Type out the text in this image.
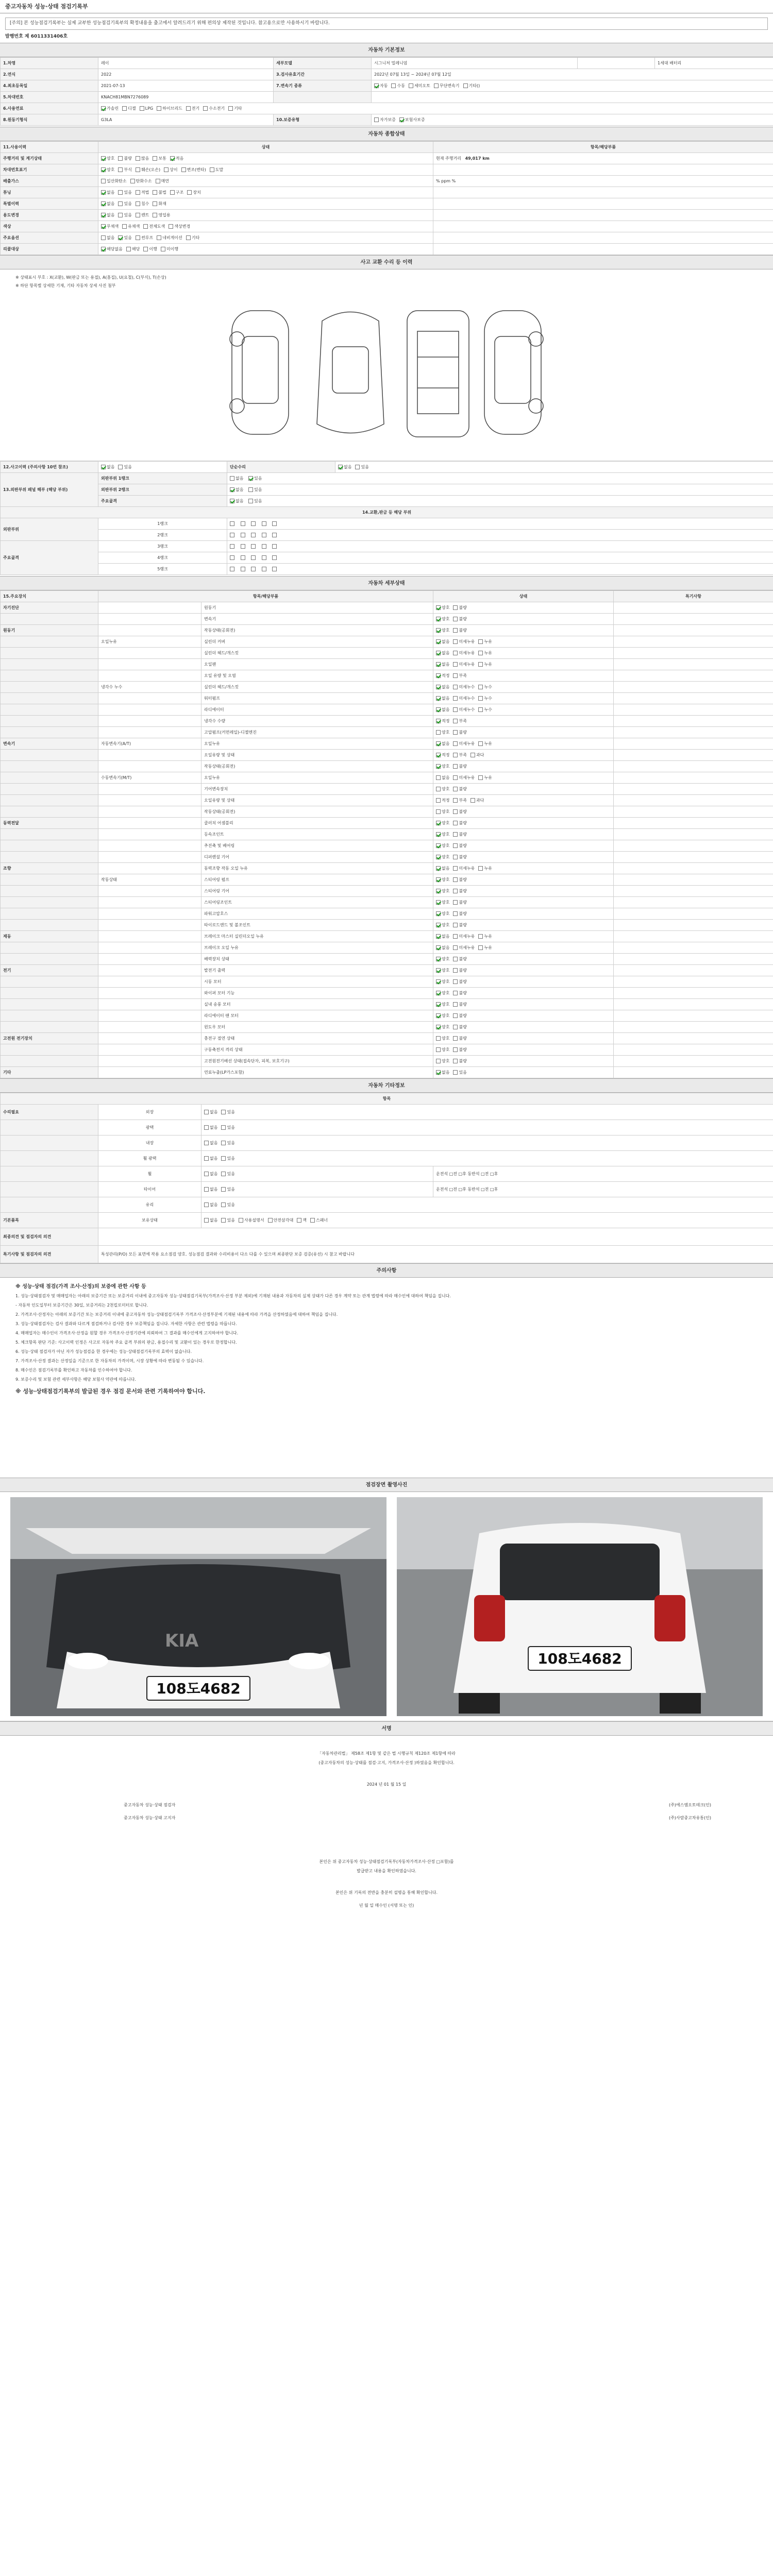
중고자동차 성능·상태 점검기록부
[주의] 본 성능점검기록부는 실제 교부한 성능점검기록부의 확정내용을 출고에서 알려드리기 위해 편의상 제작된 것입니다. 참고용으로만 사용하시기 바랍니다.
발행번호 제 6011331406호
자동차 기본정보
1.차명	레이	세부모델	시그니처 밀레니엄		1세대 배터리
2.연식	2022	3.검사유효기간	2022년 07월 13일 ~ 2024년 07월 12일		
4.최초등록일	2021-07-13	7.변속기 종류	자동 수동 세미오토 무단변속기 기타()		
5.차대번호	KNACH81MBN7276089				
6.사용연료	가솔린 디젤 LPG 하이브리드 전기 수소전기 기타				
8.원동기형식	G3LA	10.보증유형	자가보증 보험사보증		
자동차 종합상태
11.사용이력	상태	항목/해당부품
주행거리 및 계기상태	양호 불량 많음 보통 적음	현재 주행거리 49,017 km
차대번호표기	양호 부식 훼손(오손) 상이 변조(변타) 도말	
배출가스	일산화탄소 탄화수소 매연	% ppm %
튜닝	없음 있음 적법 불법 구조 장치	
특별이력	없음 있음 침수 화재	
용도변경	없음 있음 렌트 영업용	
색상	무채색 유채색 전체도색 색상변경	
주요옵션	없음 있음 썬루프 네비게이션 기타	
리콜대상	해당없음 해당 이행 미이행	
사고 교환 수리 등 이력
※ 상태표시 부호 : X(교환), W(판금 또는 용접), A(흠집), U(요철), C(부식), T(손상)
※ 하단 항목별 상세한 기재, 기타 자동차 상세 사진 첨부
12.사고이력 (주의사항 10번 참조)	없음 있음	단순수리	없음 있음
13.외판부위 패널 해부 (해당 부위)	외판부위 1랭크	없음 있음	
	외판부위 2랭크	없음 있음	
	주요골격	없음 있음	
14.교환,판금 등 해당 부위			
외판부위	1랭크		
	2랭크		
주요골격	3랭크		
	4랭크		
	5랭크		
자동차 세부상태
15.주요장치	항목/해당부품		상태	특기사항
자기진단		원동기	양호 불량	
		변속기	양호 불량	
원동기		작동상태(공회전)	양호 불량	
	오일누유	실린더 커버	없음 미세누유 누유	
		실린더 헤드/개스킷	없음 미세누유 누유	
		오일팬	없음 미세누유 누유	
		오일 유량 및 오염	적정 부족	
	냉각수 누수	실린더 헤드/개스킷	없음 미세누수 누수	
		워터펌프	없음 미세누수 누수	
		라디에이터	없음 미세누수 누수	
		냉각수 수량	적정 부족	
		고압펌프(커먼레일)-디젤엔진	양호 불량	
변속기	자동변속기(A/T)	오일누유	없음 미세누유 누유	
		오일유량 및 상태	적정 부족 과다	
		작동상태(공회전)	양호 불량	
	수동변속기(M/T)	오일누유	없음 미세누유 누유	
		기어변속장치	양호 불량	
		오일유량 및 상태	적정 부족 과다	
		작동상태(공회전)	양호 불량	
동력전달		클러치 어셈블리	양호 불량	
		등속조인트	양호 불량	
		추진축 및 베어링	양호 불량	
		디퍼렌셜 기어	양호 불량	
조향		동력조향 작동 오일 누유	없음 미세누유 누유	
	작동상태	스티어링 펌프	양호 불량	
		스티어링 기어	양호 불량	
		스티어링조인트	양호 불량	
		파워고압호스	양호 불량	
		타이로드엔드 및 볼조인트	양호 불량	
제동		브레이크 마스터 실린더오일 누유	없음 미세누유 누유	
		브레이크 오일 누유	없음 미세누유 누유	
		배력장치 상태	양호 불량	
전기		발전기 출력	양호 불량	
		시동 모터	양호 불량	
		와이퍼 모터 기능	양호 불량	
		실내 송풍 모터	양호 불량	
		라디에이터 팬 모터	양호 불량	
		윈도우 모터	양호 불량	
고전원 전기장치		충전구 절연 상태	양호 불량	
		구동축전지 격리 상태	양호 불량	
		고전원전기배선 상태(접속단자, 피복, 보호기구)	양호 불량	
기타		연료누출(LP가스포함)	없음 있음	
자동차 기타정보
항목			
수리필요	외장	없음 있음	
	광택	없음 있음	
	내장	없음 있음	
	휠 광택	없음 있음	
	휠	없음 있음	운전석 □전 □후 동반석 □전 □후
	타이어	없음 있음	운전석 □전 □후 동반석 □전 □후
	유리	없음 있음	
기본품목	보유상태	없음 있음 사용설명서 안전삼각대 잭 스패너	
최종의견 및 점검자의 의견			
특기사항 및 점검자의 의견	특성관리(P/O) 모든 표면에 작용 요소점검 양호. 성능점검 결과와 수리비용이 다소 다를 수 있으며 최종판단 보증 검증(유선) 시 참고 바랍니다		
주의사항

※ 성능·상태 점검(가격 조사·산정)의 보증에 관한 사항 등

1. 성능·상태점검자 및 매매업자는 아래의 보증기간 또는 보증거리 이내에 중고자동차 성능·상태점검기록부(가격조사·산정 부분 제외)에 기재된 내용과 자동차의 실제 상태가 다른 경우 계약 또는 관계 법령에 따라 매수인에 대하여 책임을 집니다.

- 자동차 인도일부터 보증기간은 30일, 보증거리는 2천킬로미터로 합니다.

2. 가격조사·산정자는 아래의 보증기간 또는 보증거리 이내에 중고자동차 성능·상태점검기록부 가격조사·산정부분에 기재된 내용에 따라 가격을 산정하였음에 대하여 책임을 집니다.

3. 성능·상태점검자는 검사 결과와 다르게 점검하거나 검사한 경우 보증책임을 집니다. 자세한 사항은 관련 법령을 따릅니다.

4. 매매업자는 매수인이 가격조사·산정을 원할 경우 가격조사·산정기관에 의뢰하여 그 결과를 매수인에게 고지하여야 합니다.

5. 체크항목 판단 기준: 사고이력 인정은 사고로 자동차 주요 골격 부위의 판금, 용접수리 및 교환이 있는 경우로 한정합니다.

6. 성능·상태 점검자가 아닌 자가 성능점검을 한 경우에는 성능·상태점검기록부의 효력이 없습니다.

7. 가격조사·산정 결과는 산정일을 기준으로 한 자동차의 가격이며, 시장 상황에 따라 변동될 수 있습니다.

8. 매수인은 점검기록부를 확인하고 자동차를 인수하여야 합니다.

9. 보증수리 및 보험 관련 세부사항은 해당 보험사 약관에 따릅니다.

※ 성능·상태점검기록부의 발급된 경우 점검 문서와 관련 기록하여야 합니다.

점검장면 촬영사진
KIA
108도4682
108도4682
서명
「자동차관리법」 제58조 제1항 및 같은 법 시행규칙 제120조 제1항에 따라
(중고자동차의 성능·상태를 점검·고지, 가격조사·산정 )하였음을 확인합니다.
2024 년 01 월 15 일
중고자동차 성능·상태 점검자	(주)에스엠오토테크(인)
중고자동차 성능·상태 고지자	(주)사람중고차유통(인)
본인은 위 중고자동차 성능·상태점검기록부(자동차가격조사·산정 □포함)를
발급받고 내용을 확인하였습니다.
본인은 위 기록의 전반을 충분히 설명을 통해 확인합니다.
년 월 일 매수인 (서명 또는 인)
